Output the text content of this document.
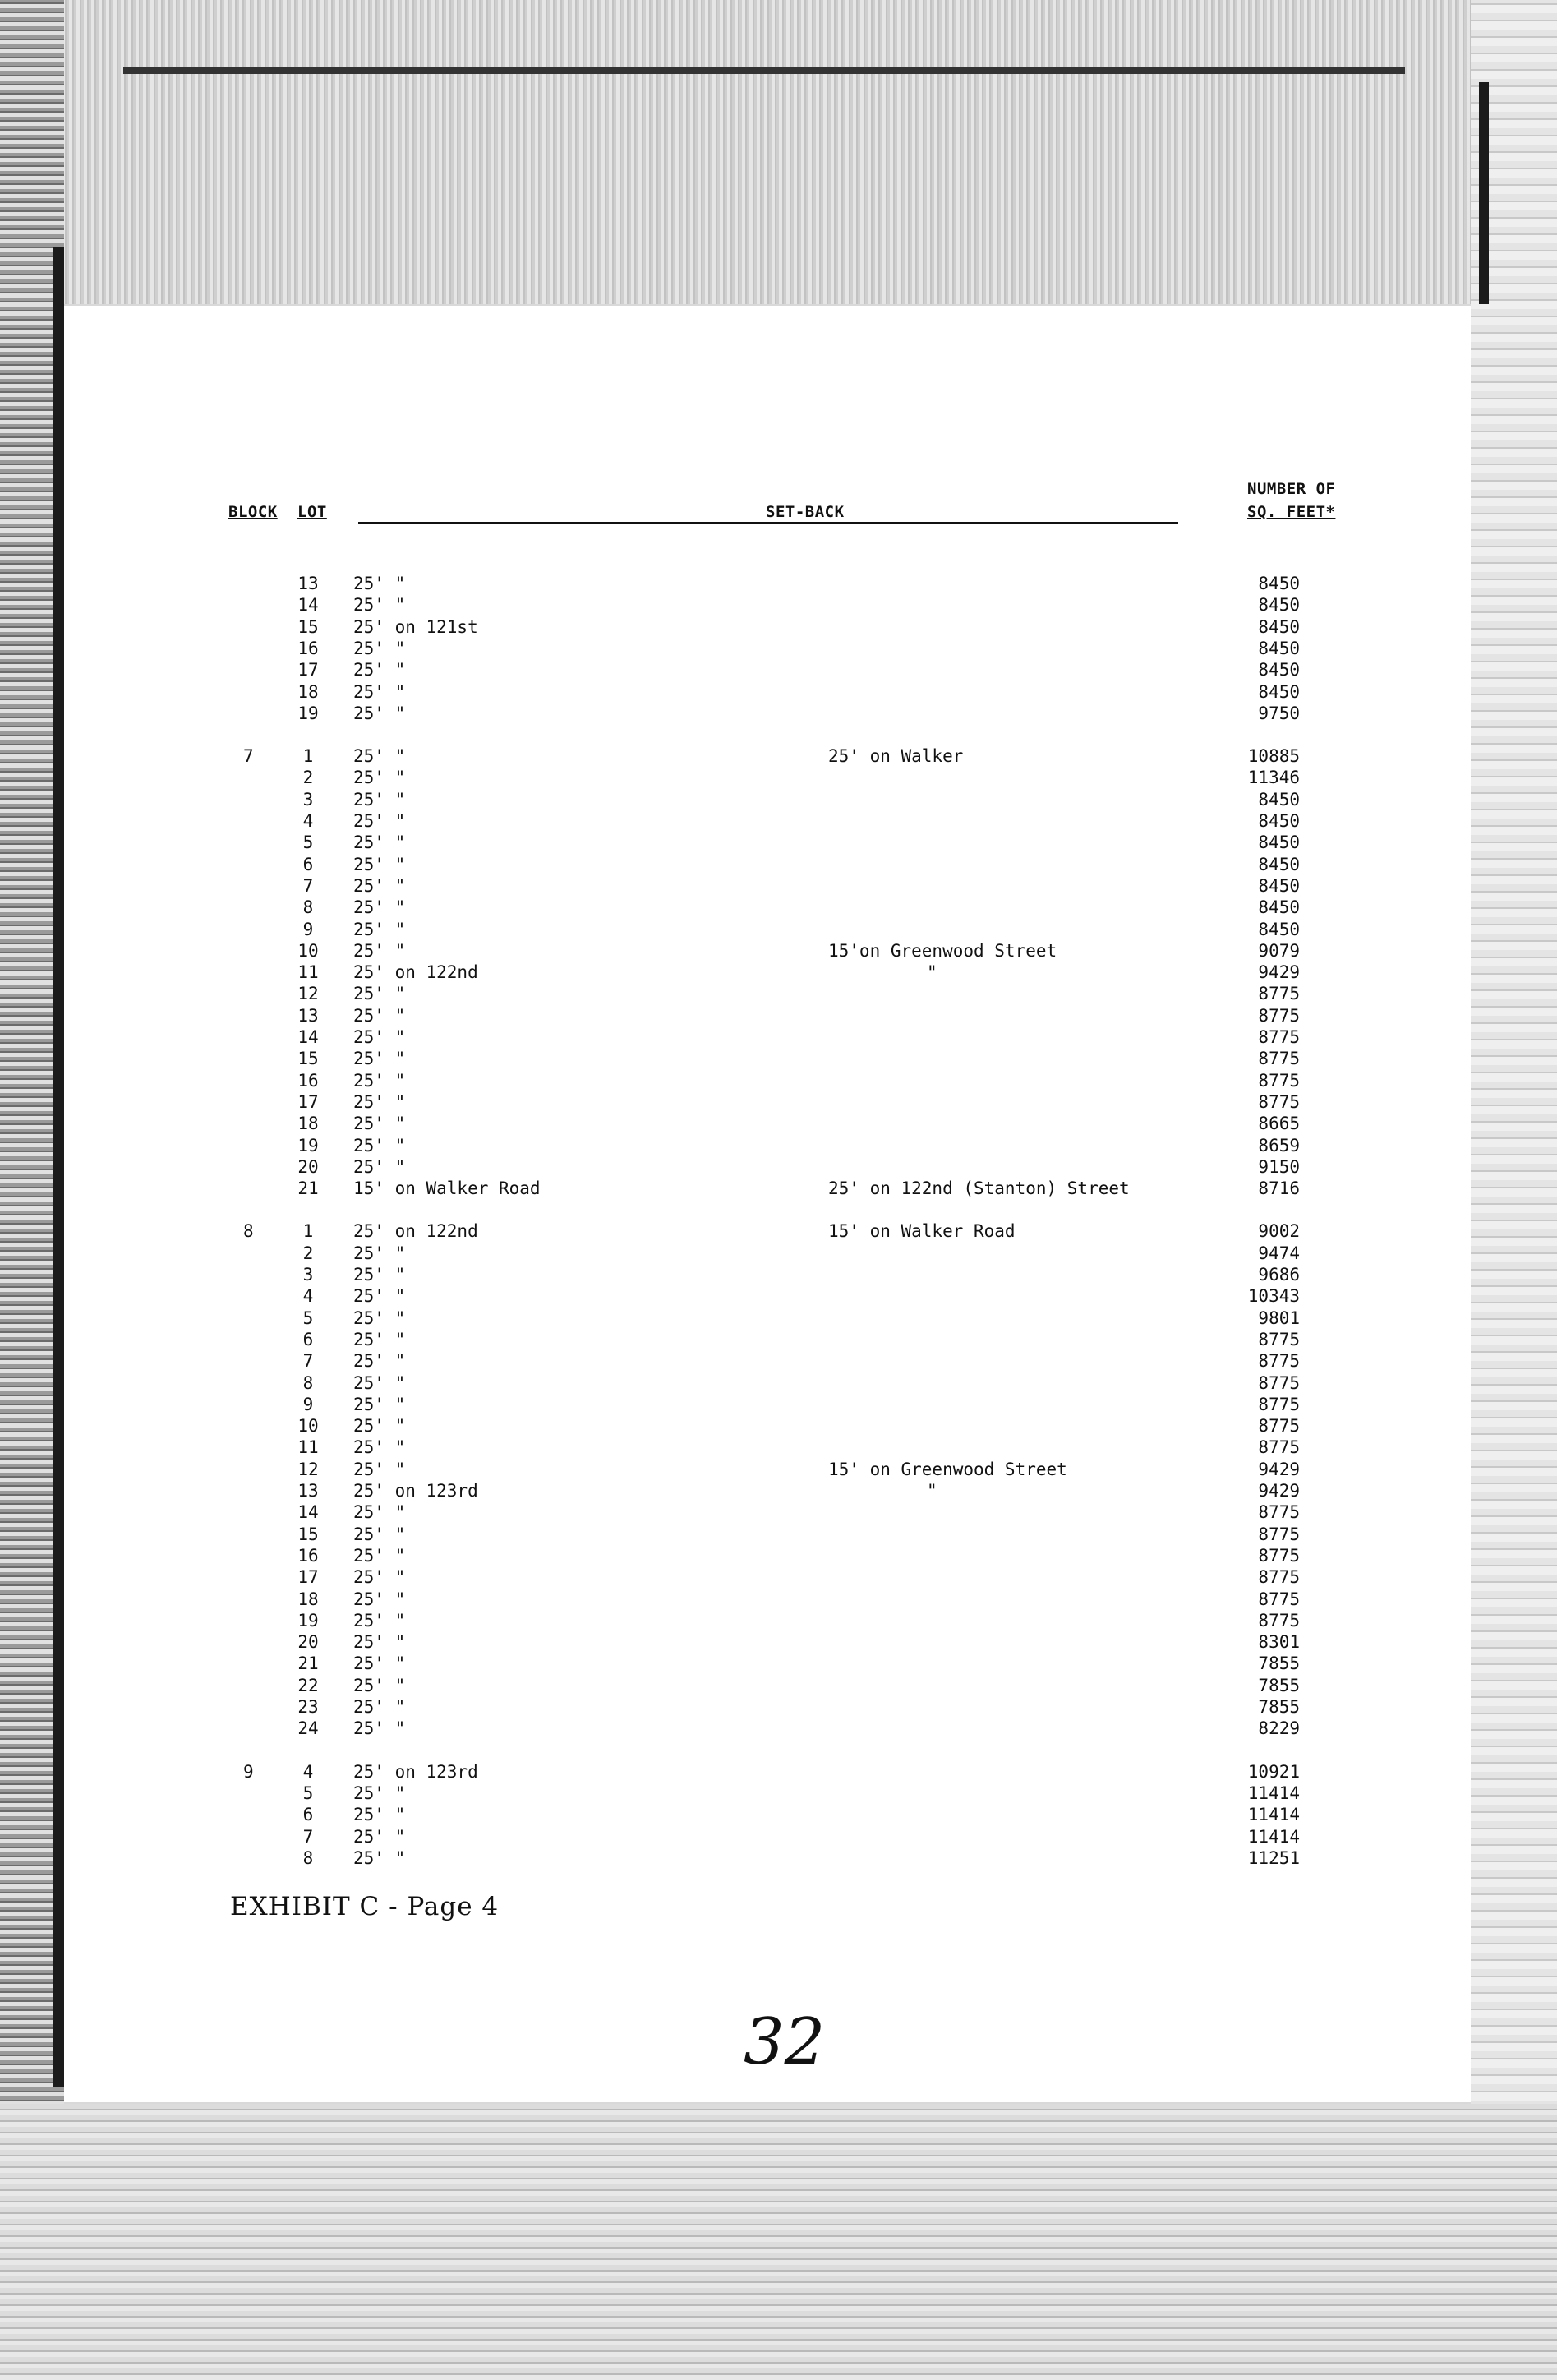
BLOCK LOT	SET-BACK
NUMBER OF
SQ. FEET*
13	25' "	8450
14	25' "	8450
15	25' on 121st	8450
16	25' "	8450
17	25' "	8450
18	25' "	8450
19	25' "	9750
7	1	25' "	25' on Walker	10885
2	25' "	11346
3	25' "	8450
4	25' "	8450
5	25' "	8450
6	25' "	8450
7	25' "	8450
8	25' "	8450
9	25' "	8450
10	25' "	15'on Greenwood Street	9079
11	25' on 122nd	"	9429
12	25' "	8775
13	25' "	8775
14	25' "	8775
15	25' "	8775
16	25' "	8775
17	25' "	8775
18	25' "	8665
19	25' "	8659
20	25' "	9150
21	15' on Walker Road	25' on 122nd (Stanton) Street	8716
8	1	25' on 122nd	15' on Walker Road	9002
2	25' "	9474
3	25' "	9686
4	25' "	10343
5	25' "	9801
6	25' "	8775
7	25' "	8775
8	25' "	8775
9	25' "	8775
10	25' "	8775
11	25' "	8775
12	25' "	15' on Greenwood Street	9429
13	25' on 123rd	"	9429
14	25' "	8775
15	25' "	8775
16	25' "	8775
17	25' "	8775
18	25' "	8775
19	25' "	8775
20	25' "	8301
21	25' "	7855
22	25' "	7855
23	25' "	7855
24	25' "	8229
9	4	25' on 123rd	10921
5	25' "	11414
6	25' "	11414
7	25' "	11414
8	25' "	11251
EXHIBIT C - Page 4
32
